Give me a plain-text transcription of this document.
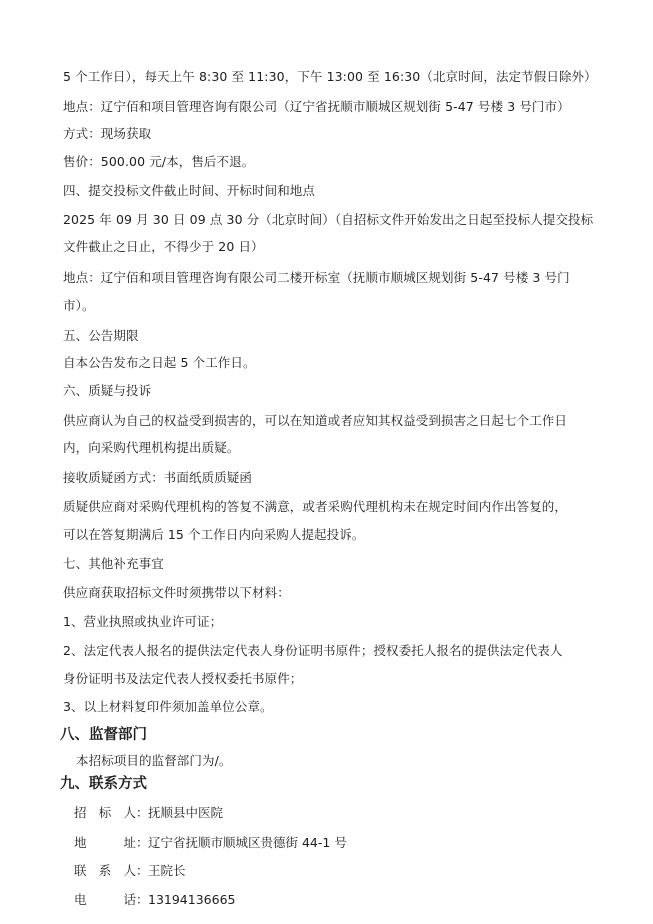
5 个工作日），每天上午 8:30 至 11:30，下午 13:00 至 16:30（北京时间，法定节假日除外）
地点：辽宁佰和项目管理咨询有限公司（辽宁省抚顺市顺城区规划街 5-47 号楼 3 号门市）
方式：现场获取
售价：500.00 元/本，售后不退。
四、提交投标文件截止时间、开标时间和地点
2025 年 09 月 30 日 09 点 30 分（北京时间）（自招标文件开始发出之日起至投标人提交投标
文件截止之日止，不得少于 20 日）
地点：辽宁佰和项目管理咨询有限公司二楼开标室（抚顺市顺城区规划街 5-47 号楼 3 号门
市）。
五、公告期限
自本公告发布之日起 5 个工作日。
六、质疑与投诉
供应商认为自己的权益受到损害的，可以在知道或者应知其权益受到损害之日起七个工作日
内，向采购代理机构提出质疑。
接收质疑函方式：书面纸质质疑函
质疑供应商对采购代理机构的答复不满意，或者采购代理机构未在规定时间内作出答复的，
可以在答复期满后 15 个工作日内向采购人提起投诉。
七、其他补充事宜
供应商获取招标文件时须携带以下材料：
1、营业执照或执业许可证；
2、法定代表人报名的提供法定代表人身份证明书原件；授权委托人报名的提供法定代表人
身份证明书及法定代表人授权委托书原件；
3、以上材料复印件须加盖单位公章。
八、监督部门
本招标项目的监督部门为/。
九、联系方式
招标人 ： 抚顺县中医院
地址 ： 辽宁省抚顺市顺城区贵德街 44-1 号
联系人 ： 王院长
电话 ： 13194136665
